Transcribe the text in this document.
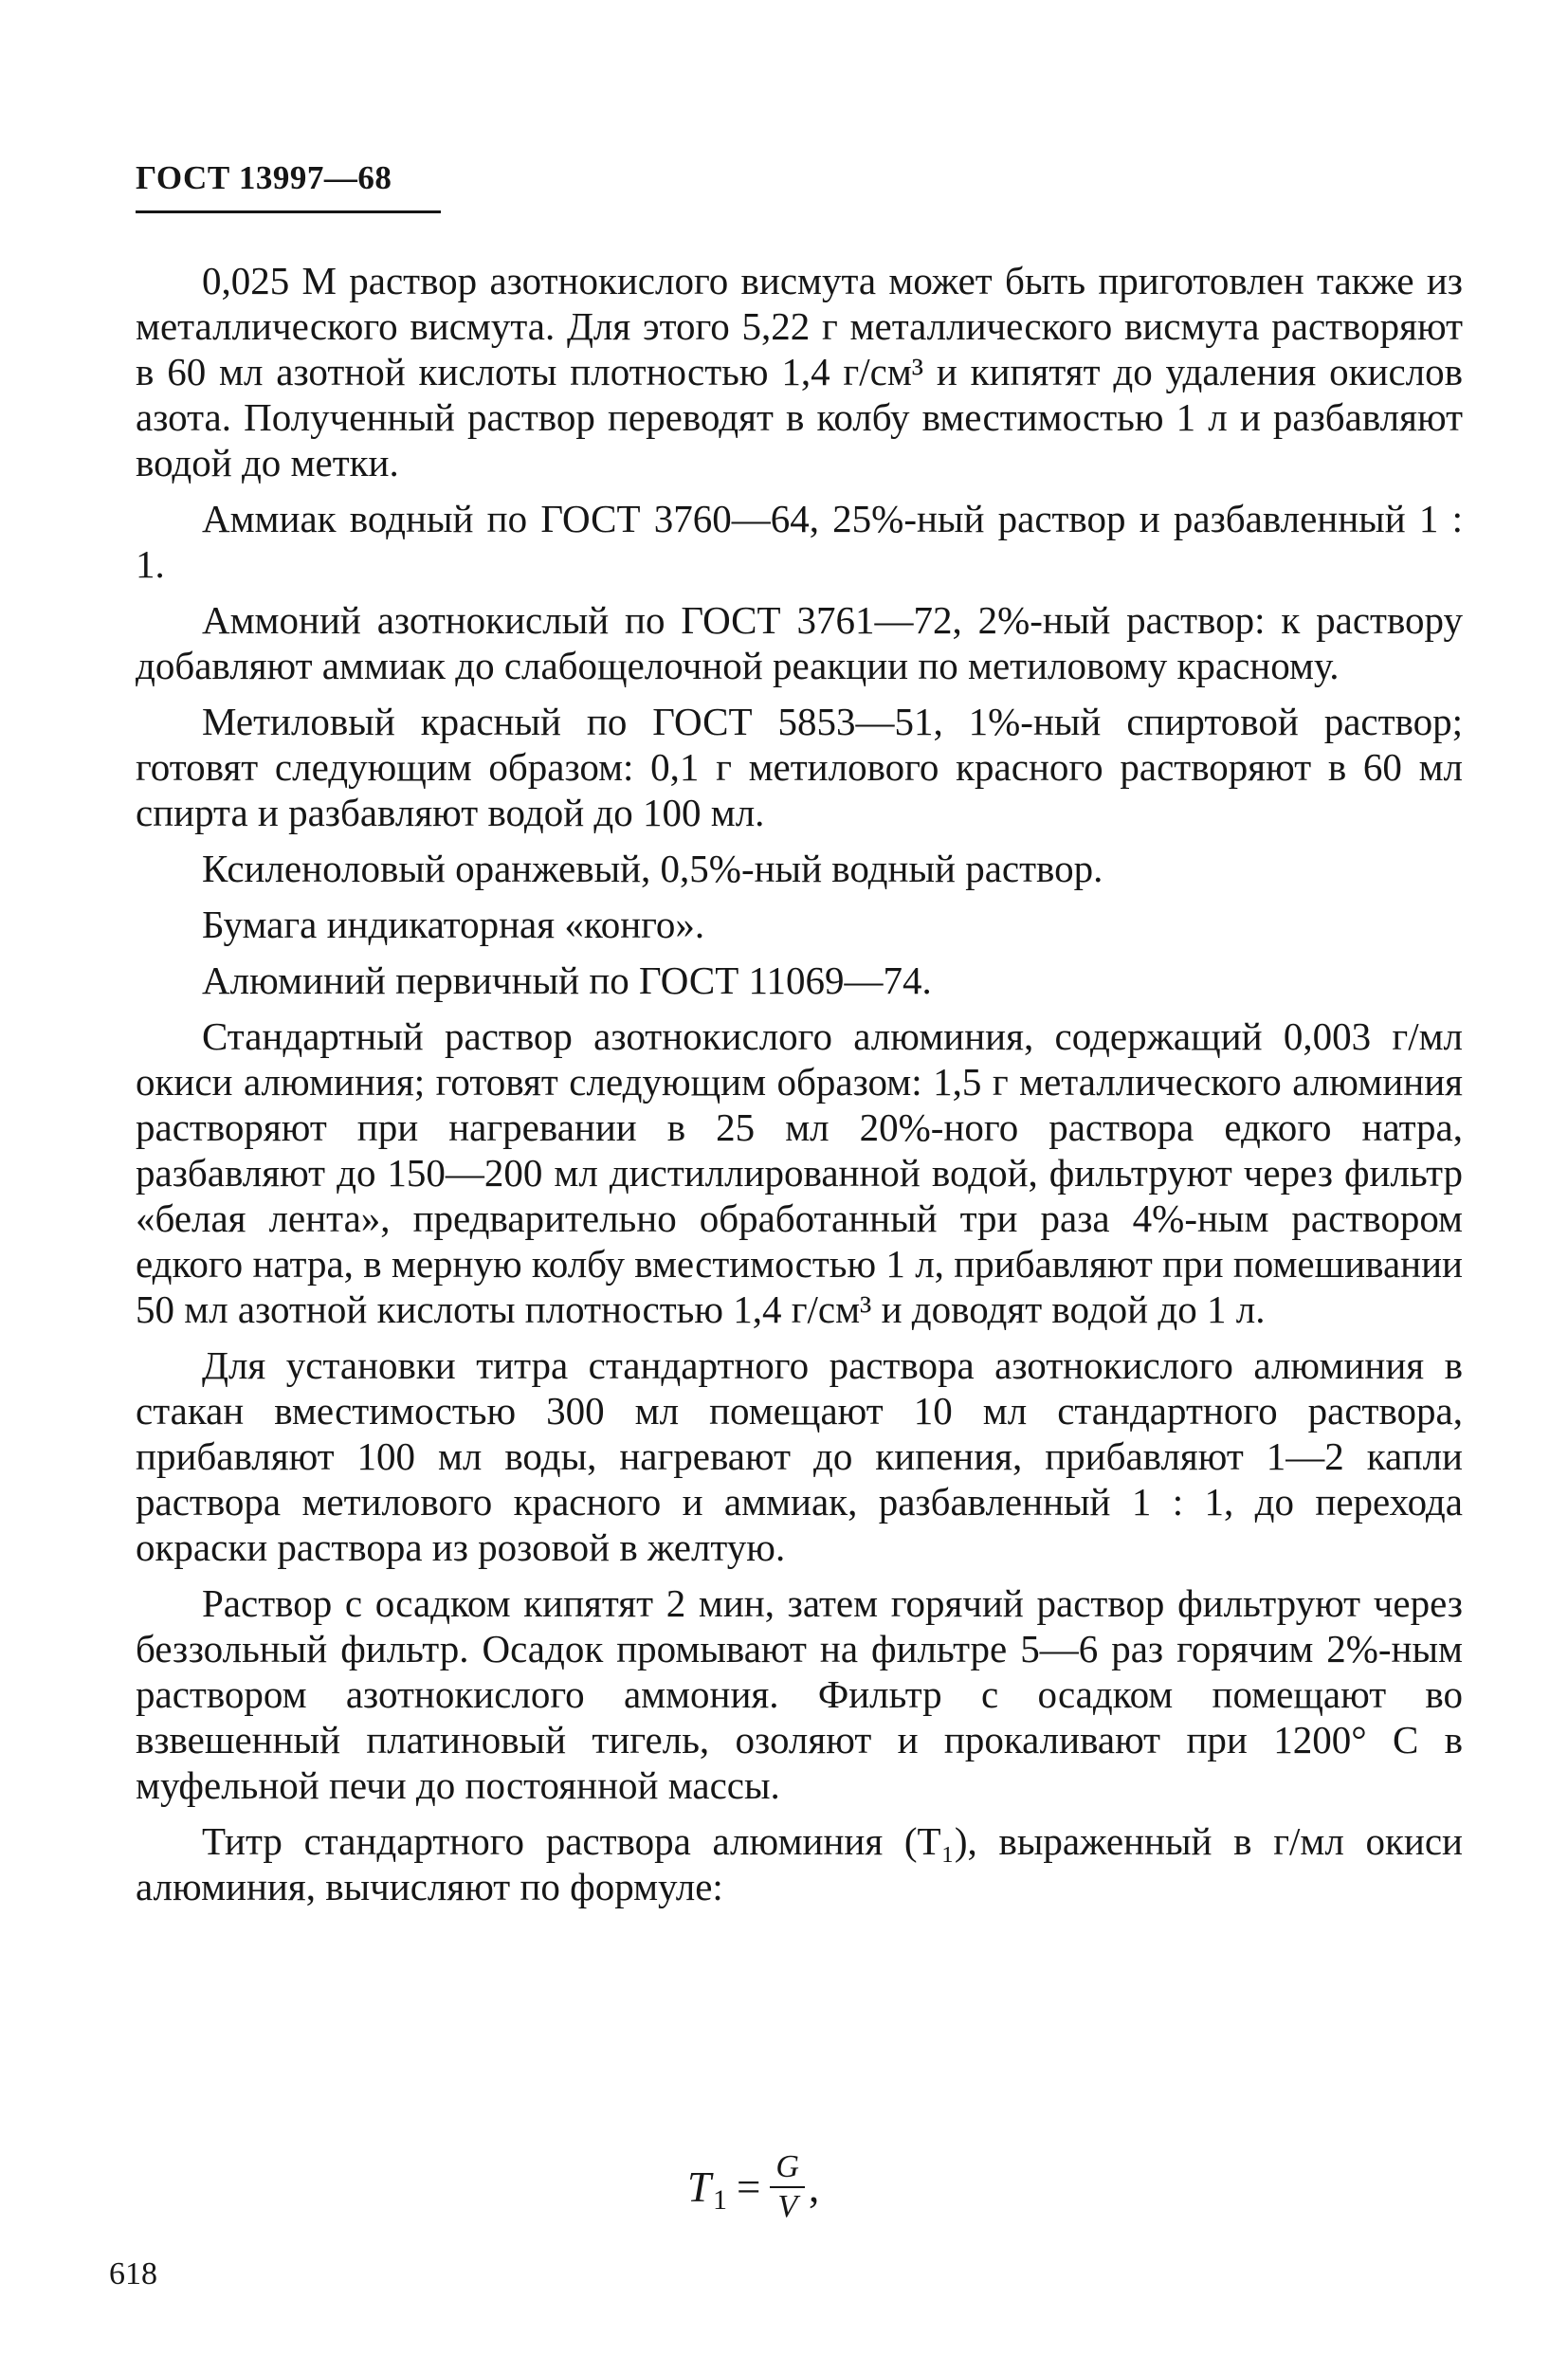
ГОСТ 13997—68

0,025 М раствор азотнокислого висмута может быть приготовлен также из металлического висмута. Для этого 5,22 г металлического висмута растворяют в 60 мл азотной кислоты плотностью 1,4 г/см³ и кипятят до удаления окислов азота. Полученный раствор переводят в колбу вместимостью 1 л и разбавляют водой до метки.

Аммиак водный по ГОСТ 3760—64, 25%-ный раствор и разбавленный 1 : 1.

Аммоний азотнокислый по ГОСТ 3761—72, 2%-ный раствор: к раствору добавляют аммиак до слабощелочной реакции по метиловому красному.

Метиловый красный по ГОСТ 5853—51, 1%-ный спиртовой раствор; готовят следующим образом: 0,1 г метилового красного растворяют в 60 мл спирта и разбавляют водой до 100 мл.

Ксиленоловый оранжевый, 0,5%-ный водный раствор.

Бумага индикаторная «конго».

Алюминий первичный по ГОСТ 11069—74.

Стандартный раствор азотнокислого алюминия, содержащий 0,003 г/мл окиси алюминия; готовят следующим образом: 1,5 г металлического алюминия растворяют при нагревании в 25 мл 20%-ного раствора едкого натра, разбавляют до 150—200 мл дистиллированной водой, фильтруют через фильтр «белая лента», предварительно обработанный три раза 4%-ным раствором едкого натра, в мерную колбу вместимостью 1 л, прибавляют при помешивании 50 мл азотной кислоты плотностью 1,4 г/см³ и доводят водой до 1 л.

Для установки титра стандартного раствора азотнокислого алюминия в стакан вместимостью 300 мл помещают 10 мл стандартного раствора, прибавляют 100 мл воды, нагревают до кипения, прибавляют 1—2 капли раствора метилового красного и аммиак, разбавленный 1 : 1, до перехода окраски раствора из розовой в желтую.

Раствор с осадком кипятят 2 мин, затем горячий раствор фильтруют через беззольный фильтр. Осадок промывают на фильтре 5—6 раз горячим 2%-ным раствором азотнокислого аммония. Фильтр с осадком помещают во взвешенный платиновый тигель, озоляют и прокаливают при 1200° С в муфельной печи до постоянной массы.

Титр стандартного раствора алюминия (T₁), выраженный в г/мл окиси алюминия, вычисляют по формуле:

T $1 = \frac{G}{V}$ ,
618
